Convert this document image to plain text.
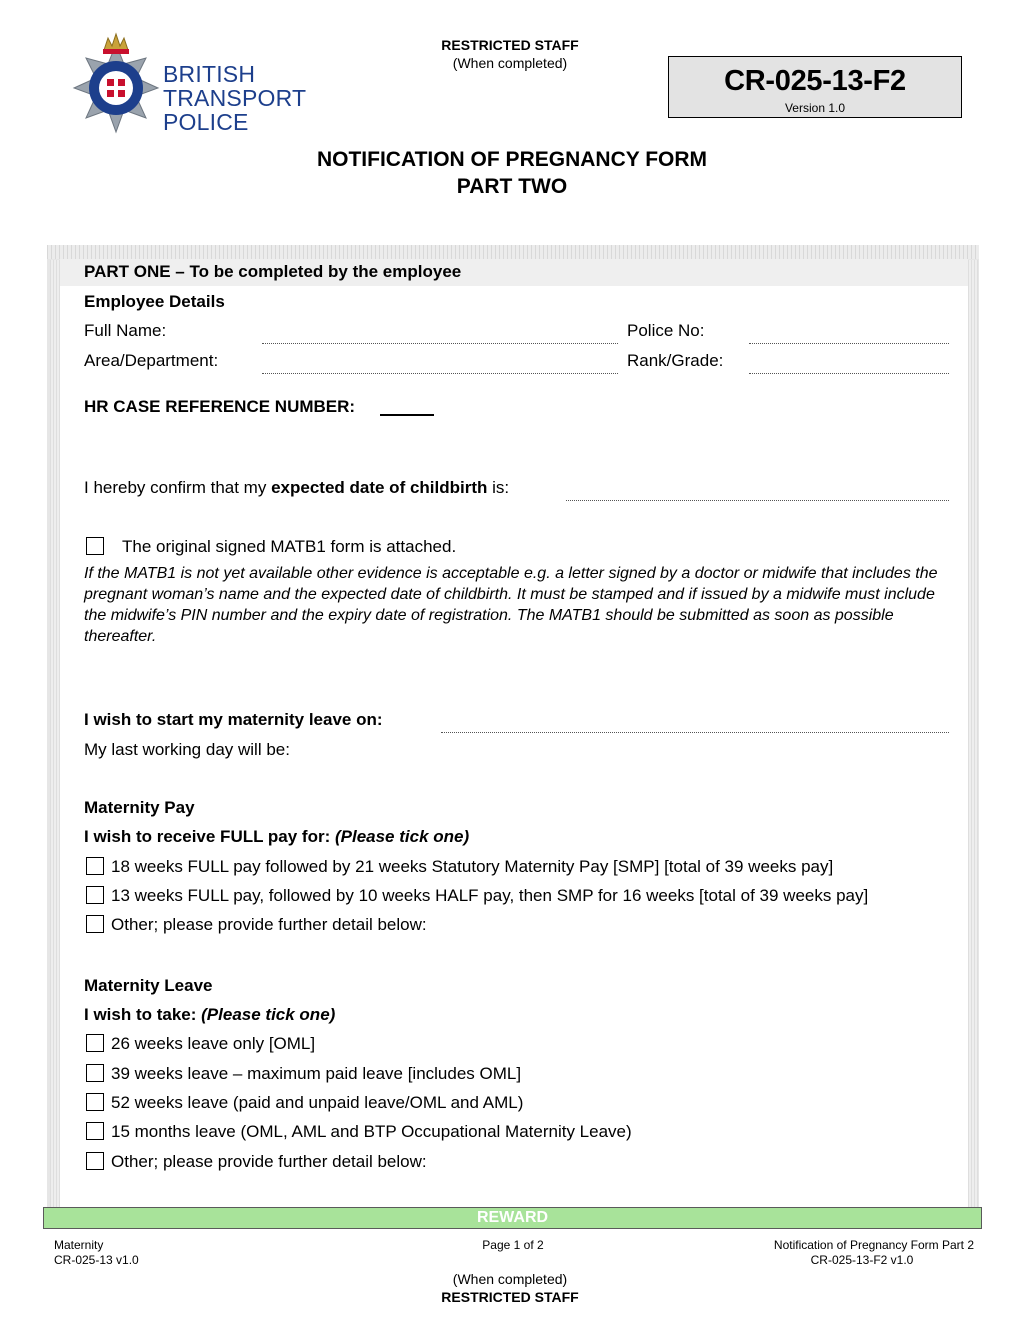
RESTRICTED STAFF
(When completed)
BRITISH
TRANSPORT
POLICE
CR-025-13-F2
Version 1.0
NOTIFICATION OF PREGNANCY FORM
PART TWO
PART ONE – To be completed by the employee
Employee Details
Full Name:	Police No:
Area/Department:	Rank/Grade:
HR CASE REFERENCE NUMBER:
I hereby confirm that my expected date of childbirth is:
The original signed MATB1 form is attached.
If the MATB1 is not yet available other evidence is acceptable e.g. a letter signed by a doctor or midwife that includes the pregnant woman’s name and the expected date of childbirth. It must be stamped and if issued by a midwife must include the midwife’s PIN number and the expiry date of registration. The MATB1 should be submitted as soon as possible thereafter.
I wish to start my maternity leave on:
My last working day will be:
Maternity Pay
I wish to receive FULL pay for: (Please tick one)
18 weeks FULL pay followed by 21 weeks Statutory Maternity Pay [SMP] [total of 39 weeks pay]
13 weeks FULL pay, followed by 10 weeks HALF pay, then SMP for 16 weeks [total of 39 weeks pay]
Other; please provide further detail below:
Maternity Leave
I wish to take: (Please tick one)
26 weeks leave only [OML]
39 weeks leave – maximum paid leave [includes OML]
52 weeks leave (paid and unpaid leave/OML and AML)
15 months leave (OML, AML and BTP Occupational Maternity Leave)
Other; please provide further detail below:
REWARD
Maternity
CR-025-13 v1.0
Page 1 of 2	Notification of Pregnancy Form Part 2
CR-025-13-F2 v1.0
(When completed)
RESTRICTED STAFF
